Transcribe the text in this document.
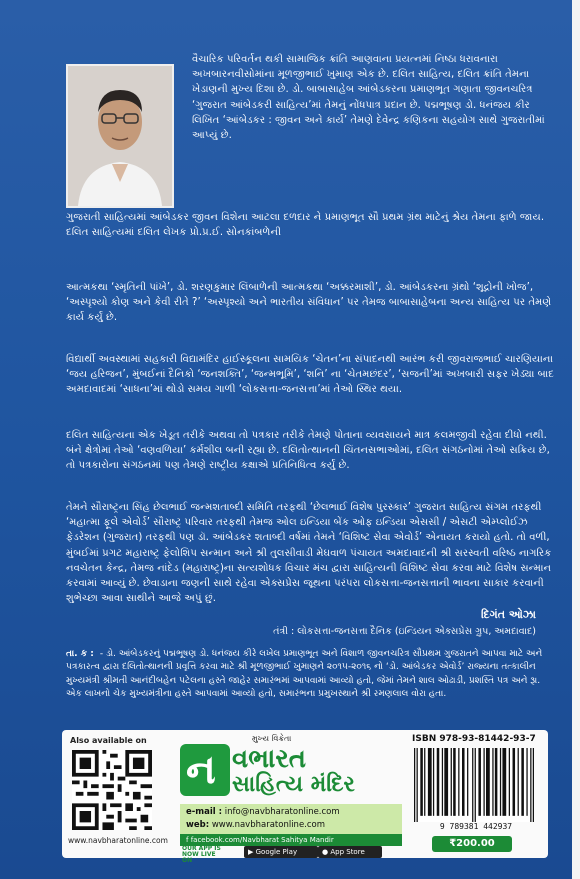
વૈચારિક પરિવર્તન થકી સામાજિક ક્રાંતિ આણવાના પ્રયત્નમાં નિષ્ઠા ધરાવનારા અખબારનવીસોમાંના મૂળજીભાઈ ખુમાણ એક છે. દલિત સાહિત્ય, દલિત ક્રાંતિ તેમના ખેડાણની મુખ્ય દિશા છે. ડો. બાબાસાહેબ આંબેડકરના પ્રમાણભૂત ગણાતા જીવનચરિત્ર ‘ગુજરાત આંબેડકરી સાહિત્ય’માં તેમનું નોંધપાત્ર પ્રદાન છે. પદ્મભૂષણ ડો. ધનંજય કીર લિખિત ‘આંબેડકર : જીવન અને કાર્ય’ તેમણે દેવેન્દ્ર કણિકના સહયોગ સાથે ગુજરાતીમાં આપ્યું છે.

ગુજરાતી સાહિત્યમાં આંબેડકર જીવન વિશેના આટલા દળદાર ને પ્રમાણભૂત સૌ પ્રથમ ગ્રંથ માટેનું શ્રેય તેમના ફાળે જાય. દલિત સાહિત્યમાં દલિત લેખક પ્રો.પ્ર.ઈ. સોનકાંબળેની

આત્મકથા ‘સ્મૃતિની પાંખે’, ડો. શરણકુમાર લિંબાળેની આત્મકથા ‘અક્કરમાશી’, ડો. આંબેડકરના ગ્રંથો ‘શૂદ્રોની ખોજ’, ‘અસ્પૃશ્યો કોણ અને કેવી રીતે ?’ ‘અસ્પૃશ્યો અને ભારતીય સંવિધાન’ પર તેમજ બાબાસાહેબના અન્ય સાહિત્ય પર તેમણે કાર્ય કર્યું છે.

વિદ્યાર્થી અવસ્થામાં સહકારી વિદ્યામંદિર હાઈસ્કૂલના સામયિક ‘ચેતન’ના સંપાદનથી આરંભ કરી જીવરાજભાઈ ચારણિયાના ‘જય હરિજન’, મુંબઈનાં દૈનિકો ‘જનશક્તિ’, ‘જન્મભૂમિ’, ‘શનિ’ ના ‘ચેતમછંદર’, ‘સજની’માં અખબારી સફર ખેડ્યા બાદ અમદાવાદમાં ‘સાધના’માં થોડો સમય ગાળી ‘લોકસત્તા-જનસત્તા’માં તેઓ સ્થિર થયા.

દલિત સાહિત્યના એક ખેડૂત તરીકે અથવા તો પત્રકાર તરીકે તેમણે પોતાના વ્યવસાયને માત્ર કલમજીવી રહેવા દીધો નથી. બંને ક્ષેત્રોમાં તેઓ ‘વણવળિયા’ કર્મશીલ બની રહ્યા છે. દલિતોત્થાનની ચિંતનસભાઓમાં, દલિત સંગઠનોમાં તેઓ સક્રિય છે, તો પત્રકારોના સંગઠનમાં પણ તેમણે રાષ્ટ્રીય કક્ષાએ પ્રતિનિધિત્વ કર્યું છે.

તેમને સૌરાષ્ટ્રના સિંહ છેલભાઈ જન્મશતાબ્દી સમિતિ તરફથી ‘છેલભાઈ વિશેષ પુરસ્કાર’ ગુજરાત સાહિત્ય સંગમ તરફથી ‘મહાત્મા ફૂલે એવોર્ડ’ સૌરાષ્ટ્ર પરિવાર તરફથી તેમજ ઓલ ઇન્ડિયા બેંક ઓફ ઇન્ડિયા એસસી / એસટી એમ્પ્લોઈઝ ફેડરેશન (ગુજરાત) તરફથી પણ ડૉ. આંબેડકર શતાબ્દી વર્ષમાં તેમને ‘વિશિષ્ટ સેવા એવોર્ડ’ એનાયત કરાયો હતો. તો વળી, મુંબઈમાં પ્રગટ મહારાષ્ટ્ર ફેલોશિપ સન્માન અને શ્રી તુલસીવાડી મેઘવાળ પંચાયત અમદાવાદની શ્રી સરસ્વતી વરિષ્ઠ નાગરિક નવચેતન કેન્દ્ર, તેમજ નાંદેડ (મહારાષ્ટ્ર)ના સત્યશોધક વિચાર મંચ દ્વારા સાહિત્યની વિશિષ્ટ સેવા કરવા માટે વિશેષ સન્માન કરવામાં આવ્યું છે. છેવાડાના જણની સાથે રહેવા એક્સપ્રેસ જૂથના પરંપરા લોકસત્તા-જનસત્તાની ભાવના સાકાર કરવાની શુભેચ્છા આવા સાથીને આજે અપું છું.

દિગંત ઓઝા
તંત્રી : લોકસત્તા-જનસત્તા દૈનિક (ઇન્ડિયન એક્સપ્રેસ ગ્રુપ, અમદાવાદ)

તા. ક : - ડો. આંબેડકરનું પદ્મભૂષણ ડો. ધનંજય કીરે લખેલ પ્રમાણભૂત અને વિશાળ જીવનચરિત્ર સૌપ્રથમ ગુજરાતને આપવા માટે અને પત્રકારત્વ દ્વારા દલિતોત્થાનની પ્રવૃત્તિ કરવા માટે શ્રી મૂળજીભાઈ ખુમાણને ૨૦૧૫-૨૦૧૬ નો ‘ડો. આંબેડકર એવોર્ડ’ રાજ્યના તત્કાલીન મુખ્યમંત્રી શ્રીમતી આનંદીબહેન પટેલના હસ્તે જાહેર સમારંભમાં આપવામાં આવ્યો હતો, જેમાં તેમને શાલ ઓઢાડી, પ્રશસ્તિ પત્ર અને રૂા. એક લાખનો ચેક મુખ્યમંત્રીના હસ્તે આપવામાં આવ્યો હતો, સમારંભના પ્રમુખસ્થાને શ્રી રમણલાલ વોરા હતા.

Also available on
www.navbharatonline.com
મુખ્ય વિક્રેતા
ન વભારત
સાહિત્ય મંદિર
e-mail : info@navbharatonline.com
web: www.navbharatonline.com
f facebook.com/Navbharat Sahitya Mandir
OUR APP IS NOW LIVE ON
▶ Google Play	● App Store
ISBN 978-93-81442-93-7
9 789381 442937
₹200.00
